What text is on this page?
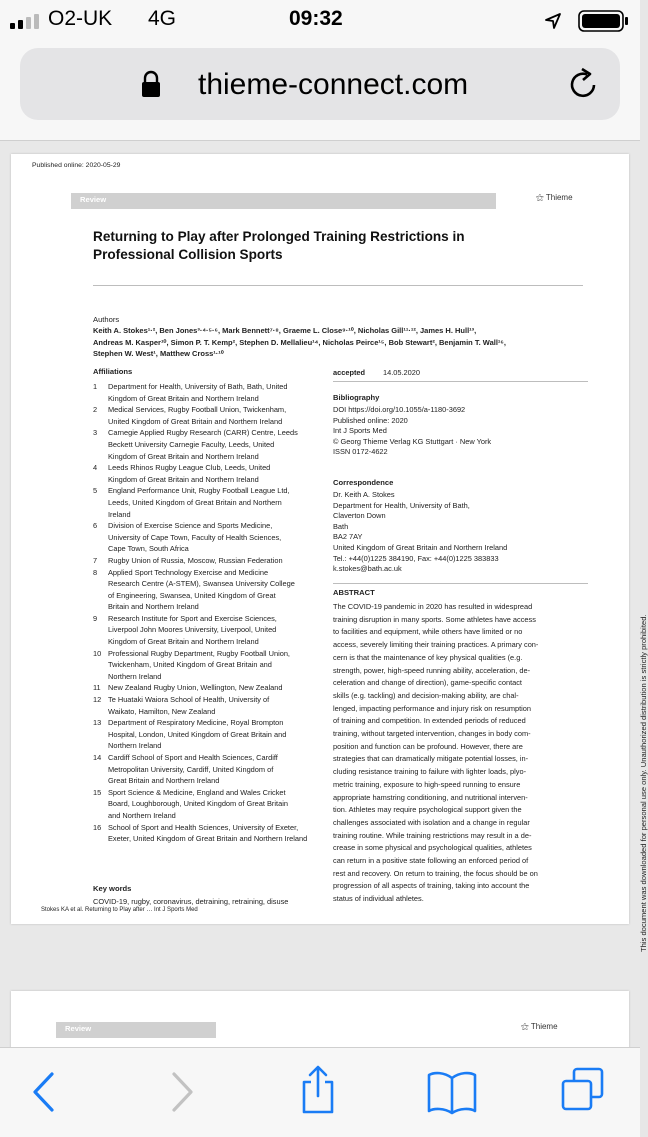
O2-UK 4G	09:32
thieme-connect.com
Published online: 2020-05-29
Review	⚝ Thieme
Returning to Play after Prolonged Training Restrictions in
Professional Collision Sports
Authors
Keith A. Stokes¹·², Ben Jones³·⁴·⁵·⁶, Mark Bennett⁷·⁸, Graeme L. Close⁹·¹⁰, Nicholas Gill¹¹·¹², James H. Hull¹³,
Andreas M. Kasper¹⁰, Simon P. T. Kemp², Stephen D. Mellalieu¹⁴, Nicholas Peirce¹⁵, Bob Stewart², Benjamin T. Wall¹⁶,
Stephen W. West¹, Matthew Cross¹·¹⁰
Affiliations
1 Department for Health, University of Bath, Bath, United
Kingdom of Great Britain and Northern Ireland
2 Medical Services, Rugby Football Union, Twickenham,
United Kingdom of Great Britain and Northern Ireland
3 Carnegie Applied Rugby Research (CARR) Centre, Leeds
Beckett University Carnegie Faculty, Leeds, United
Kingdom of Great Britain and Northern Ireland
4 Leeds Rhinos Rugby League Club, Leeds, United
Kingdom of Great Britain and Northern Ireland
5 England Performance Unit, Rugby Football League Ltd,
Leeds, United Kingdom of Great Britain and Northern
Ireland
6 Division of Exercise Science and Sports Medicine,
University of Cape Town, Faculty of Health Sciences,
Cape Town, South Africa
7 Rugby Union of Russia, Moscow, Russian Federation
8 Applied Sport Technology Exercise and Medicine
Research Centre (A-STEM), Swansea University College
of Engineering, Swansea, United Kingdom of Great
Britain and Northern Ireland
9 Research Institute for Sport and Exercise Sciences,
Liverpool John Moores University, Liverpool, United
Kingdom of Great Britain and Northern Ireland
10 Professional Rugby Department, Rugby Football Union,
Twickenham, United Kingdom of Great Britain and
Northern Ireland
11 New Zealand Rugby Union, Wellington, New Zealand
12 Te Huataki Waiora School of Health, University of
Waikato, Hamilton, New Zealand
13 Department of Respiratory Medicine, Royal Brompton
Hospital, London, United Kingdom of Great Britain and
Northern Ireland
14 Cardiff School of Sport and Health Sciences, Cardiff
Metropolitan University, Cardiff, United Kingdom of
Great Britain and Northern Ireland
15 Sport Science & Medicine, England and Wales Cricket
Board, Loughborough, United Kingdom of Great Britain
and Northern Ireland
16 School of Sport and Health Sciences, University of Exeter,
Exeter, United Kingdom of Great Britain and Northern Ireland
Key words
COVID-19, rugby, coronavirus, detraining, retraining, disuse
accepted 14.05.2020
Bibliography
DOI https://doi.org/10.1055/a-1180-3692
Published online: 2020
Int J Sports Med
© Georg Thieme Verlag KG Stuttgart · New York
ISSN 0172-4622
Correspondence
Dr. Keith A. Stokes
Department for Health, University of Bath,
Claverton Down
Bath
BA2 7AY
United Kingdom of Great Britain and Northern Ireland
Tel.: +44(0)1225 384190, Fax: +44(0)1225 383833
k.stokes@bath.ac.uk
ABSTRACT
The COVID-19 pandemic in 2020 has resulted in widespread
training disruption in many sports. Some athletes have access
to facilities and equipment, while others have limited or no
access, severely limiting their training practices. A primary con-
cern is that the maintenance of key physical qualities (e.g.
strength, power, high-speed running ability, acceleration, de-
celeration and change of direction), game-specific contact
skills (e.g. tackling) and decision-making ability, are chal-
lenged, impacting performance and injury risk on resumption
of training and competition. In extended periods of reduced
training, without targeted intervention, changes in body com-
position and function can be profound. However, there are
strategies that can dramatically mitigate potential losses, in-
cluding resistance training to failure with lighter loads, plyo-
metric training, exposure to high-speed running to ensure
appropriate hamstring conditioning, and nutritional interven-
tion. Athletes may require psychological support given the
challenges associated with isolation and a change in regular
training routine. While training restrictions may result in a de-
crease in some physical and psychological qualities, athletes
can return in a positive state following an enforced period of
rest and recovery. On return to training, the focus should be on
progression of all aspects of training, taking into account the
status of individual athletes.
Stokes KA et al. Returning to Play after … Int J Sports Med	This document was downloaded for personal use only. Unauthorized distribution is strictly prohibited.
Review	⚝ Thieme
